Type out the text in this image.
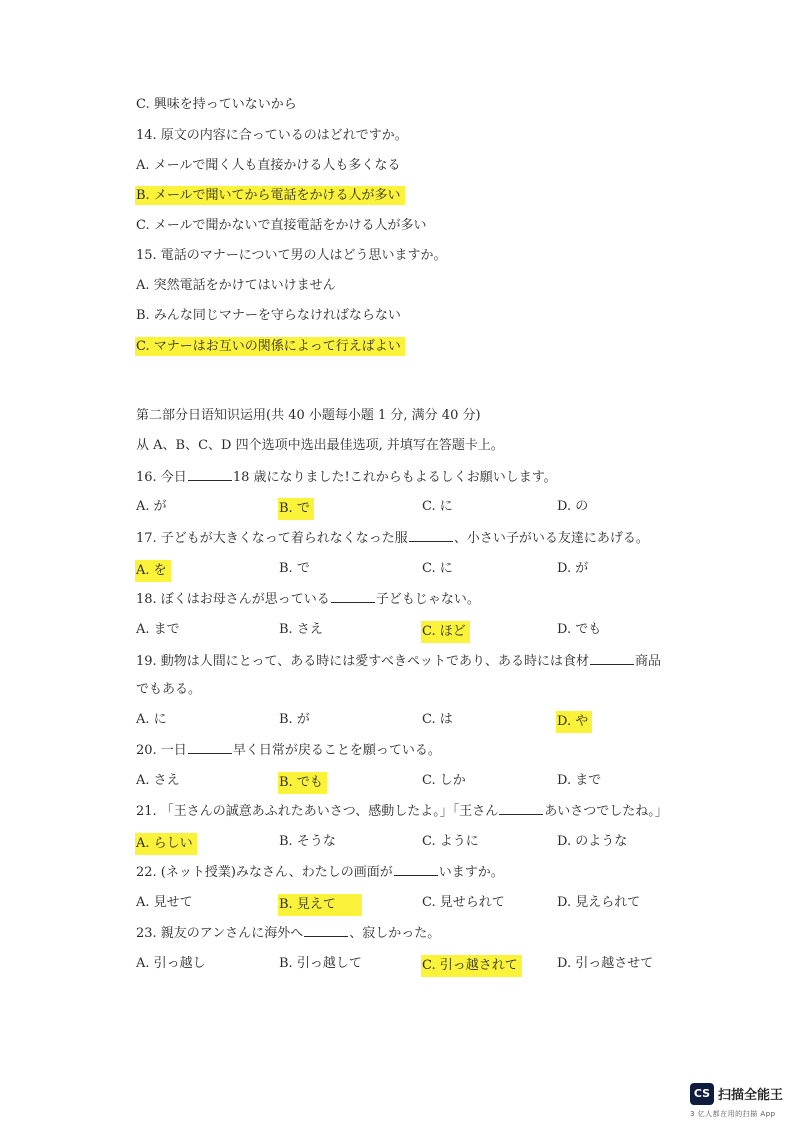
C. 興味を持っていないから
14. 原文の内容に合っているのはどれですか。
A. メールで聞く人も直接かける人も多くなる
B. メールで聞いてから電話をかける人が多い
C. メールで聞かないで直接電話をかける人が多い
15. 電話のマナーについて男の人はどう思いますか。
A. 突然電話をかけてはいけません
B. みんな同じマナーを守らなければならない
C. マナーはお互いの関係によって行えばよい
第二部分日语知识运用(共 40 小题每小题 1 分, 满分 40 分)
从 A、B、C、D 四个选项中选出最佳选项, 并填写在答题卡上。
16. 今日	18 歳になりました!これからもよるしくお願いします。
A. が	B. で	C. に	D. の
17. 子どもが大きくなって着られなくなった服	、小さい子がいる友達にあげる。
A. を	B. で	C. に	D. が
18. ぼくはお母さんが思っている	子どもじゃない。
A. まで	B. さえ	C. ほど	D. でも
19. 動物は人間にとって、ある時には愛すべきペットであり、ある時には食材	商品
でもある。
A. に	B. が	C. は	D. や
20. 一日	早く日常が戻ることを願っている。
A. さえ	B. でも	C. しか	D. まで
21. 「王さんの誠意あふれたあいさつ、感動したよ。」「王さん	あいさつでしたね。」
A. らしい	B. そうな	C. ように	D. のような
22. (ネット授業)みなさん、わたしの画面が	いますか。
A. 見せて	B. 見えて	C. 見せられて	D. 見えられて
23. 親友のアンさんに海外へ	、寂しかった。
A. 引っ越し	B. 引っ越して	C. 引っ越されて	D. 引っ越させて
CS 扫描全能王
3 亿人都在用的扫描 App
